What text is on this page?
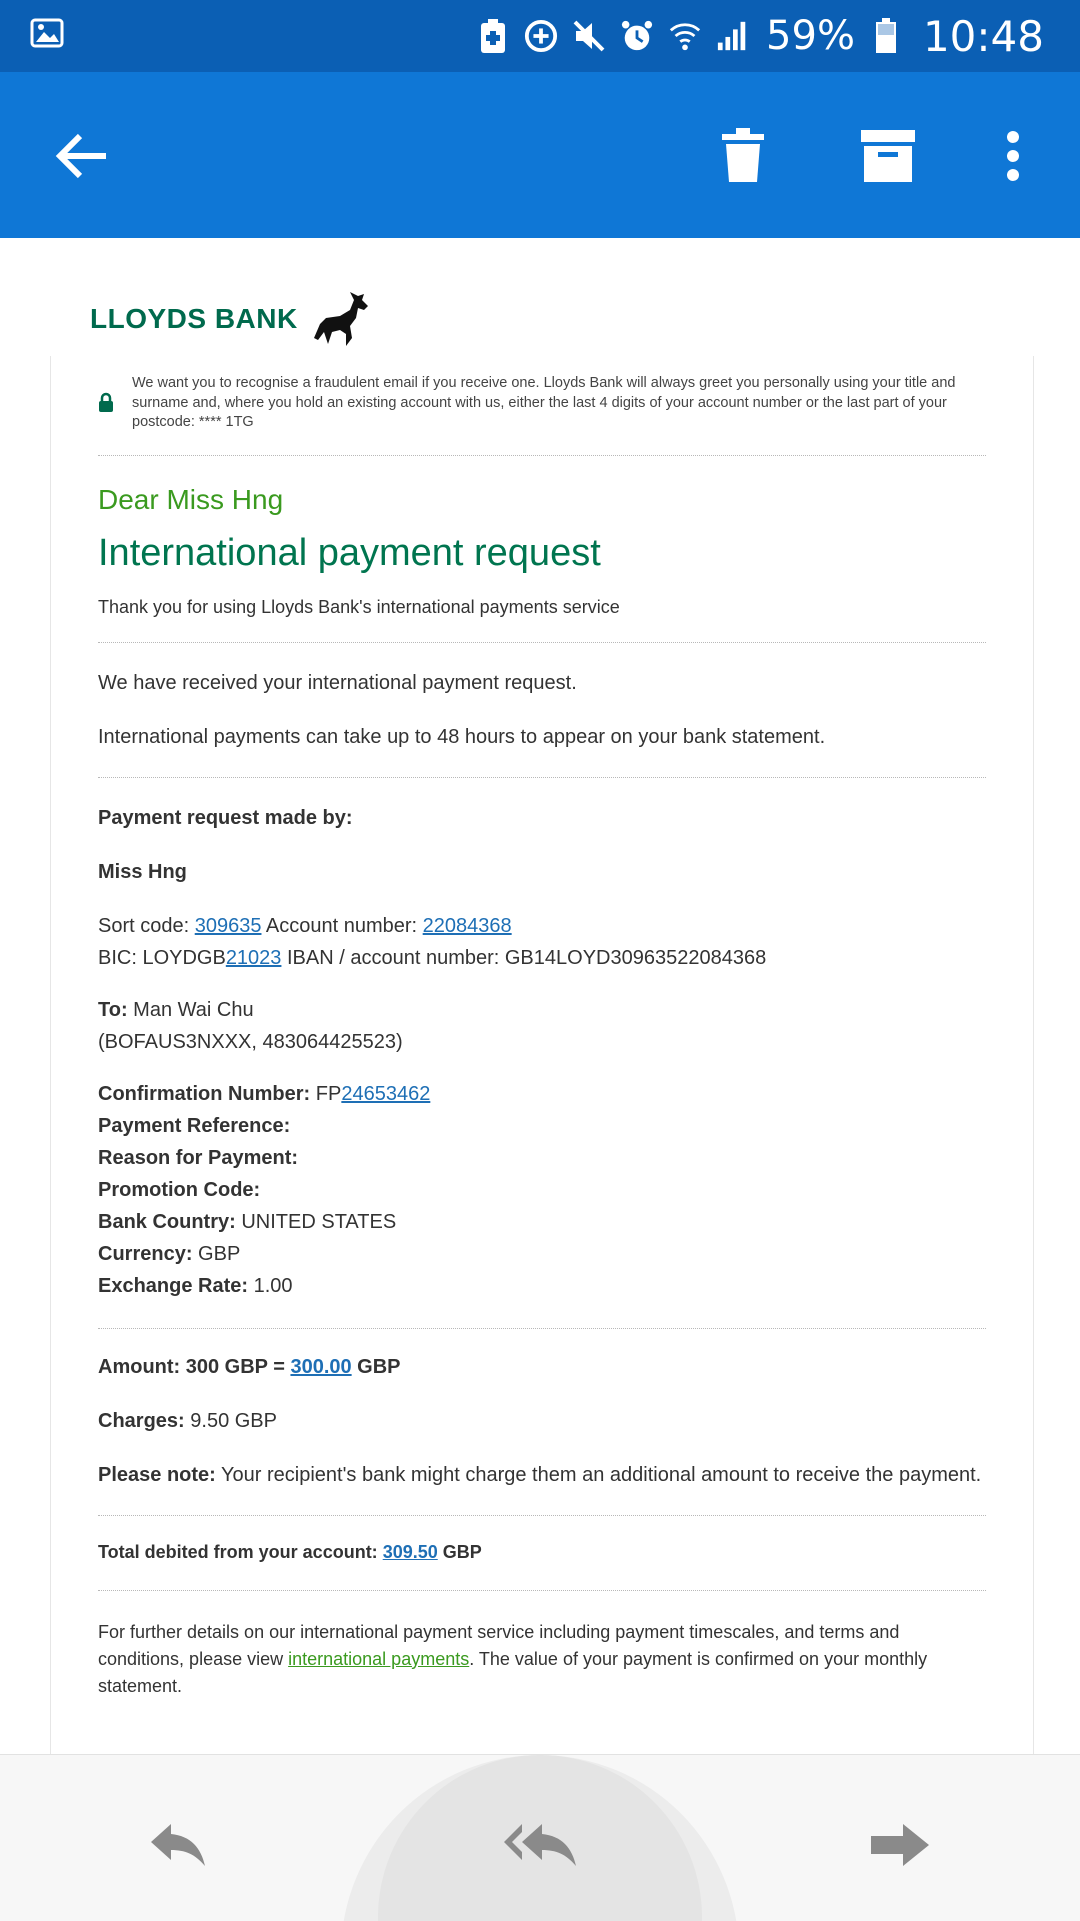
59% 10:48
LLOYDS BANK
We want you to recognise a fraudulent email if you receive one. Lloyds Bank will always greet you personally using your title and surname and, where you hold an existing account with us, either the last 4 digits of your account number or the last part of your postcode: **** 1TG
Dear Miss Hng
International payment request
Thank you for using Lloyds Bank's international payments service

We have received your international payment request.

International payments can take up to 48 hours to appear on your bank statement.

Payment request made by:
Miss Hng
Sort code: 309635 Account number: 22084368
BIC: LOYDGB21023 IBAN / account number: GB14LOYD30963522084368
To: Man Wai Chu
(BOFAUS3NXXX, 483064425523)
Confirmation Number: FP24653462
Payment Reference:
Reason for Payment:
Promotion Code:
Bank Country: UNITED STATES
Currency: GBP
Exchange Rate: 1.00
Amount: 300 GBP = 300.00 GBP
Charges: 9.50 GBP
Please note: Your recipient's bank might charge them an additional amount to receive the payment.
Total debited from your account: 309.50 GBP
For further details on our international payment service including payment timescales, and terms and conditions, please view international payments. The value of your payment is confirmed on your monthly statement.
